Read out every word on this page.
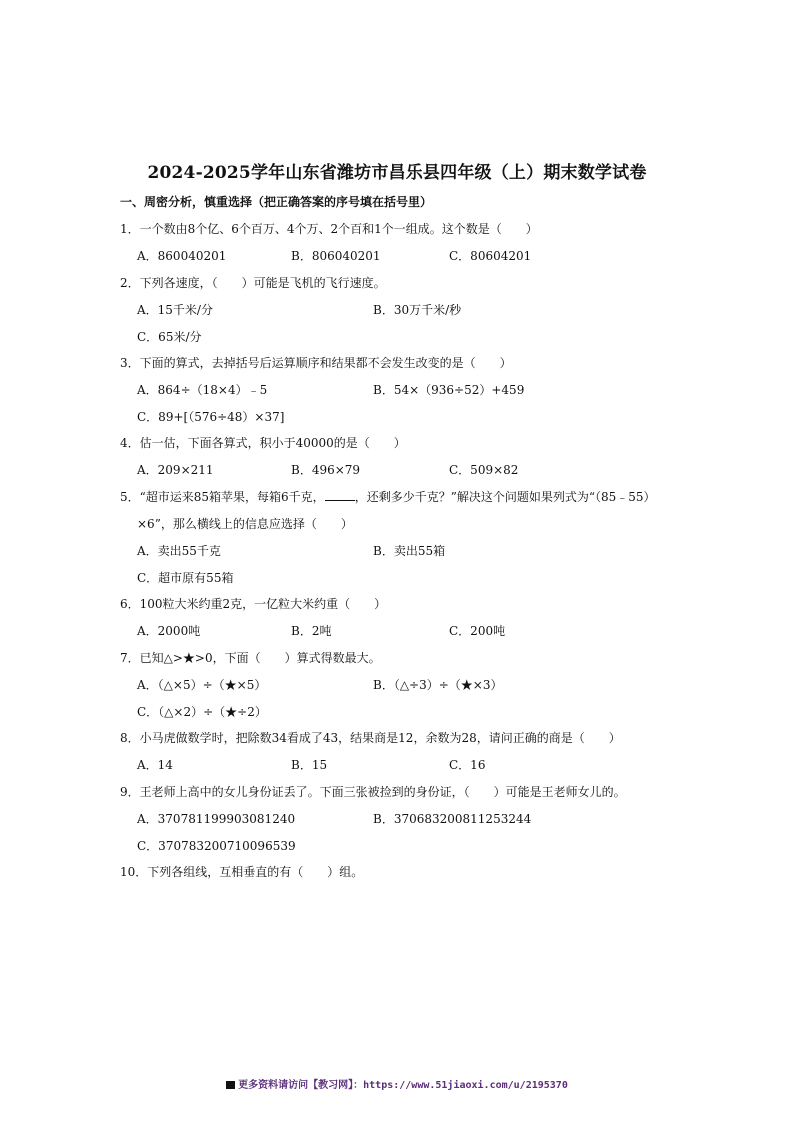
2024-2025学年山东省潍坊市昌乐县四年级（上）期末数学试卷
一、周密分析，慎重选择（把正确答案的序号填在括号里）
1．一个数由8个亿、6个百万、4个万、2个百和1个一组成。这个数是（　　）
A．860040201	B．806040201	C．80604201
2．下列各速度，（　　）可能是飞机的飞行速度。
A．15千米/分	B．30万千米/秒
C．65米/分
3．下面的算式，去掉括号后运算顺序和结果都不会发生改变的是（　　）
A．864÷（18×4）﹣5	B．54×（936÷52）+459
C．89+[（576÷48）×37]
4．估一估，下面各算式，积小于40000的是（　　）
A．209×211	B．496×79	C．509×82
5．“超市运来85箱苹果，每箱6千克，	，还剩多少千克？”解决这个问题如果列式为“（85﹣55）
×6”，那么横线上的信息应选择（　　）
A．卖出55千克	B．卖出55箱
C．超市原有55箱
6．100粒大米约重2克，一亿粒大米约重（　　）
A．2000吨	B．2吨	C．200吨
7．已知△>★>0，下面（　　）算式得数最大。
A．（△×5）÷（★×5）	B．（△÷3）÷（★×3）
C．（△×2）÷（★÷2）
8．小马虎做数学时，把除数34看成了43，结果商是12，余数为28，请问正确的商是（　　）
A．14	B．15	C．16
9．王老师上高中的女儿身份证丢了。下面三张被捡到的身份证，（　　）可能是王老师女儿的。
A．370781199903081240	B．370683200811253244
C．370783200710096539
10．下列各组线，互相垂直的有（　　）组。
更多资料请访问【教习网】：https://www.51jiaoxi.com/u/2195370
